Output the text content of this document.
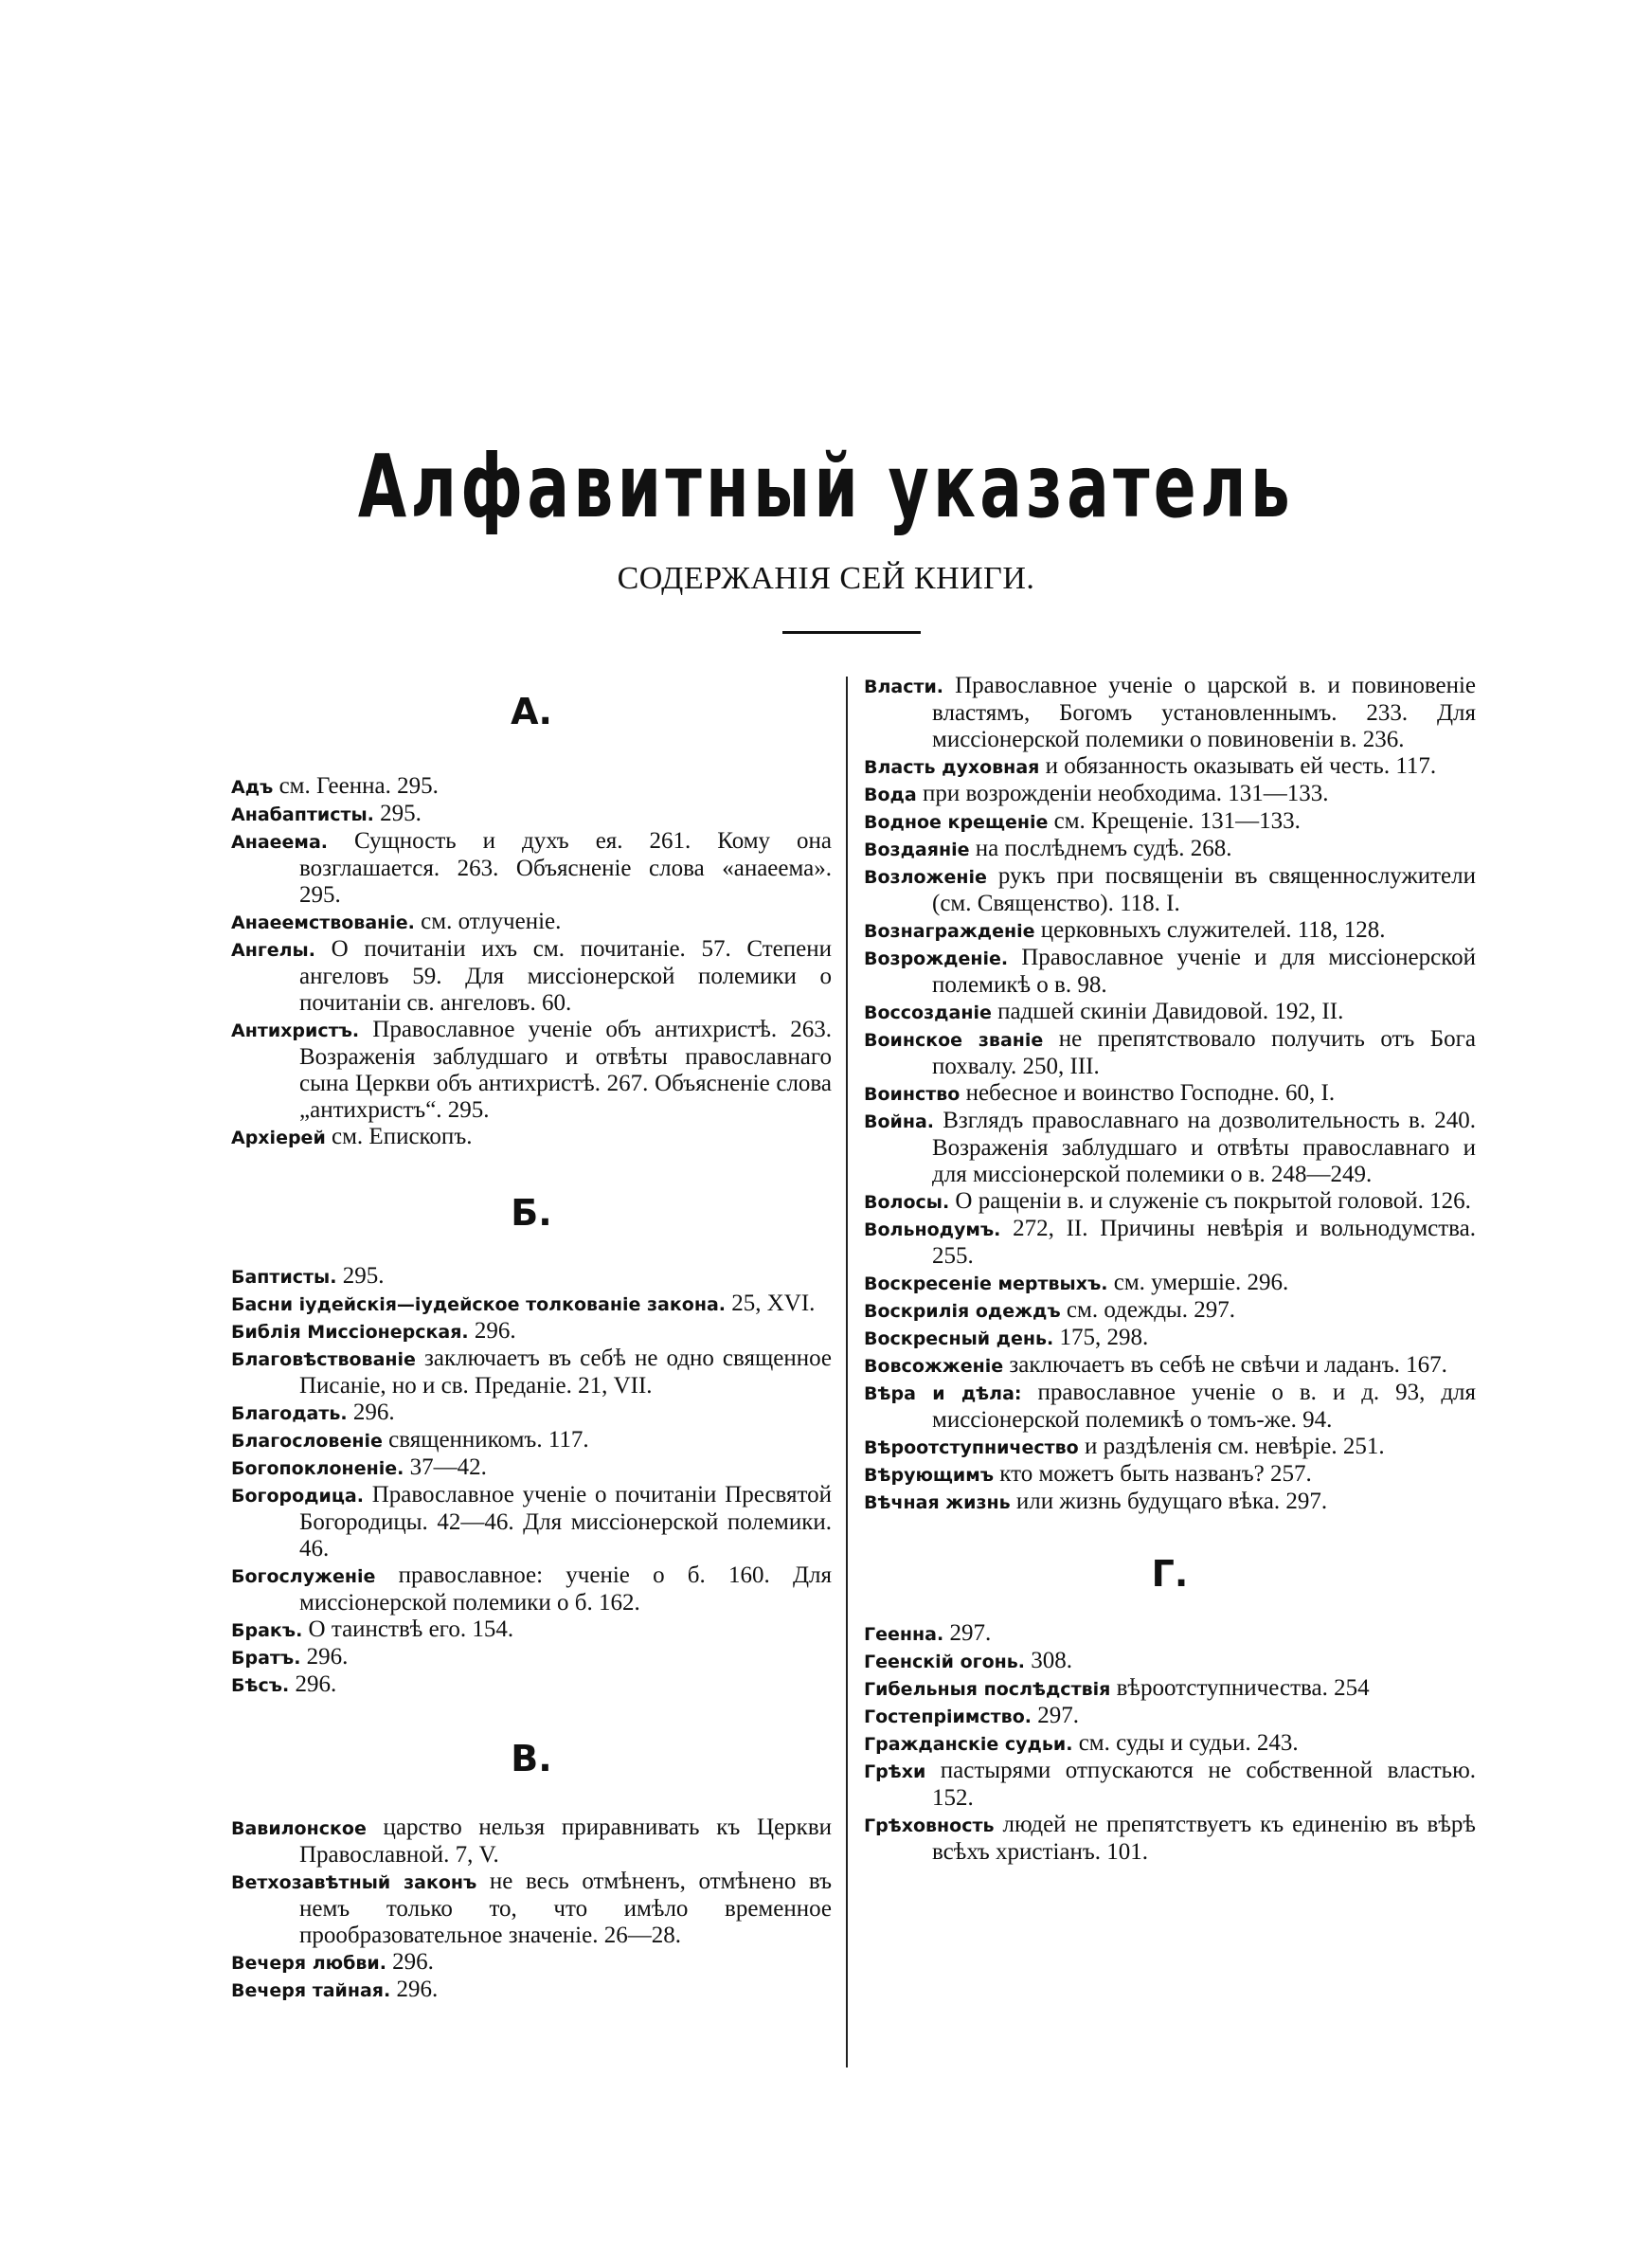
Алфавитный указатель
СОДЕРЖАНІЯ СЕЙ КНИГИ.
А.

Адъ см. Геенна. 295.

Анабаптисты. 295.

Анаеема. Сущность и духъ ея. 261. Кому она возглашается. 263. Объясненіе слова «анаеема». 295.

Анаеемствованіе. см. отлученіе.

Ангелы. О почитаніи ихъ см. почитаніе. 57. Степени ангеловъ 59. Для миссіонерской полемики о почитаніи св. ангеловъ. 60.

Антихристъ. Православное ученіе объ антихристѣ. 263. Возраженія заблудшаго и отвѣты православнаго сына Церкви объ антихристѣ. 267. Объясненіе слова „антихристъ“. 295.

Архіерей см. Епископъ.

Б.

Баптисты. 295.

Басни іудейскія—іудейское толкованіе закона. 25, XVI.

Библія Миссіонерская. 296.

Благовѣствованіе заключаетъ въ себѣ не одно священное Писаніе, но и св. Преданіе. 21, VII.

Благодать. 296.

Благословеніе священникомъ. 117.

Богопоклоненіе. 37—42.

Богородица. Православное ученіе о почитаніи Пресвятой Богородицы. 42—46. Для миссіонерской полемики. 46.

Богослуженіе православное: ученіе о б. 160. Для миссіонерской полемики о б. 162.

Бракъ. О таинствѣ его. 154.

Братъ. 296.

Бѣсъ. 296.

В.

Вавилонское царство нельзя приравнивать къ Церкви Православной. 7, V.

Ветхозавѣтный законъ не весь отмѣненъ, отмѣнено въ немъ только то, что имѣло временное прообразовательное значеніе. 26—28.

Вечеря любви. 296.

Вечеря тайная. 296.

Власти. Православное ученіе о царской в. и повиновеніе властямъ, Богомъ установленнымъ. 233. Для миссіонерской полемики о повиновеніи в. 236.

Власть духовная и обязанность оказывать ей честь. 117.

Вода при возрожденіи необходима. 131—133.

Водное крещеніе см. Крещеніе. 131—133.

Воздаяніе на послѣднемъ судѣ. 268.

Возложеніе рукъ при посвященіи въ священнослужители (см. Священство). 118. I.

Вознагражденіе церковныхъ служителей. 118, 128.

Возрожденіе. Православное ученіе и для миссіонерской полемикѣ о в. 98.

Воссозданіе падшей скиніи Давидовой. 192, II.

Воинское званіе не препятствовало получить отъ Бога похвалу. 250, III.

Воинство небесное и воинство Господне. 60, I.

Война. Взглядъ православнаго на дозволительность в. 240. Возраженія заблудшаго и отвѣты православнаго и для миссіонерской полемики о в. 248—249.

Волосы. О ращеніи в. и служеніе съ покрытой головой. 126.

Вольнодумъ. 272, II. Причины невѣрія и вольнодумства. 255.

Воскресеніе мертвыхъ. см. умершіе. 296.

Воскрилія одеждъ см. одежды. 297.

Воскресный день. 175, 298.

Вовсожженіе заключаетъ въ себѣ не свѣчи и ладанъ. 167.

Вѣра и дѣла: православное ученіе о в. и д. 93, для миссіонерской полемикѣ о томъ-же. 94.

Вѣроотступничество и раздѣленія см. невѣріе. 251.

Вѣрующимъ кто можетъ быть названъ? 257.

Вѣчная жизнь или жизнь будущаго вѣка. 297.

Г.

Геенна. 297.

Геенскій огонь. 308.

Гибельныя послѣдствія вѣроотступничества. 254

Гостепріимство. 297.

Гражданскіе судьи. см. суды и судьи. 243.

Грѣхи пастырями отпускаются не собственной властью. 152.

Грѣховность людей не препятствуетъ къ единенію въ вѣрѣ всѣхъ христіанъ. 101.
